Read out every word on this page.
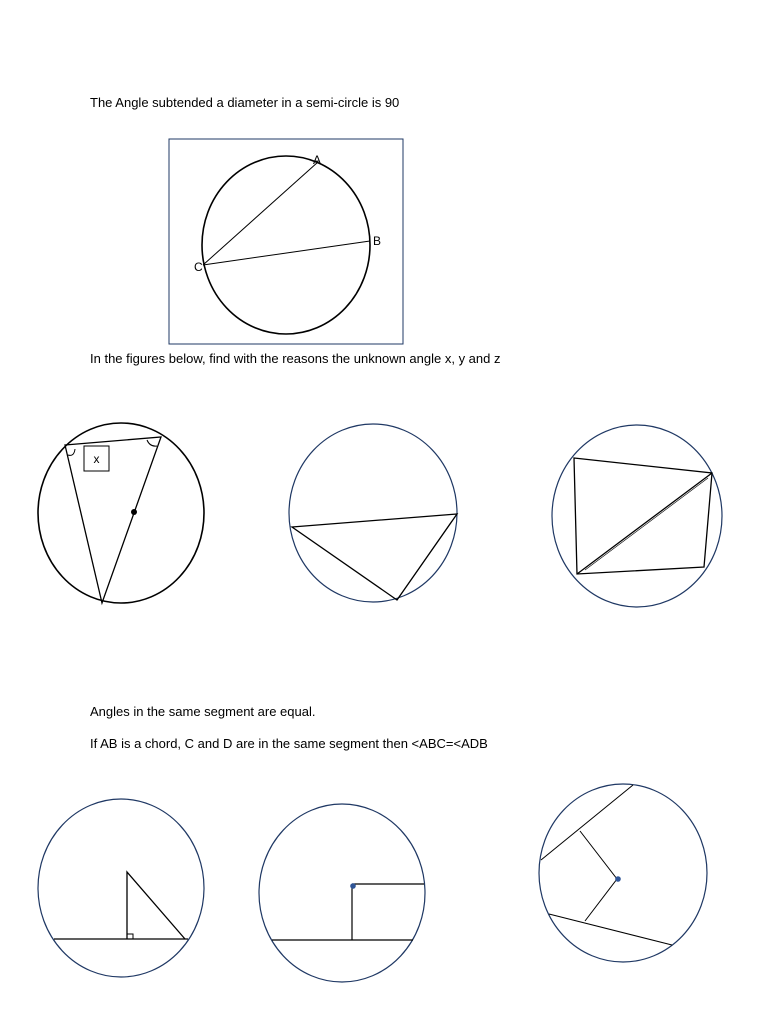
The Angle subtended a diameter in a semi-circle is 90
In the figures below, find with the reasons the unknown angle x, y and z
Angles in the same segment are equal.
If AB is a chord, C and D are in the same segment then <ABC=<ADB
A
B
C
x
